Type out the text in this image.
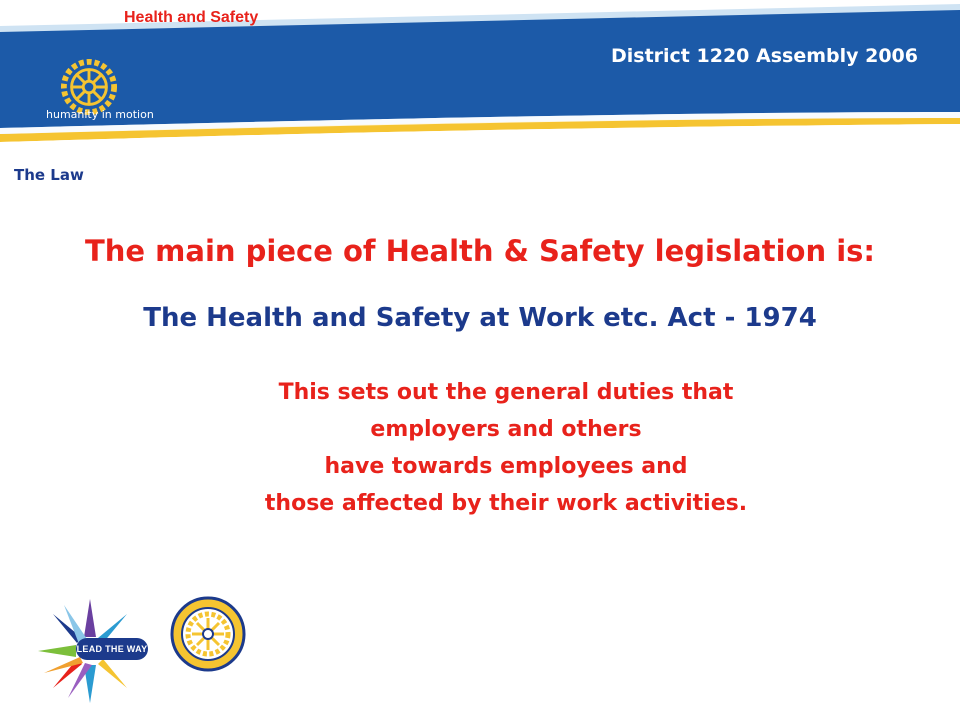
Health and Safety

District 1220 Assembly 2006

humanity in motion

The Law

The main piece of Health & Safety legislation is:
The Health and Safety at Work etc. Act - 1974

This sets out the general duties that
employers and others
have towards employees and
those affected by their work activities.

LEAD THE WAY
